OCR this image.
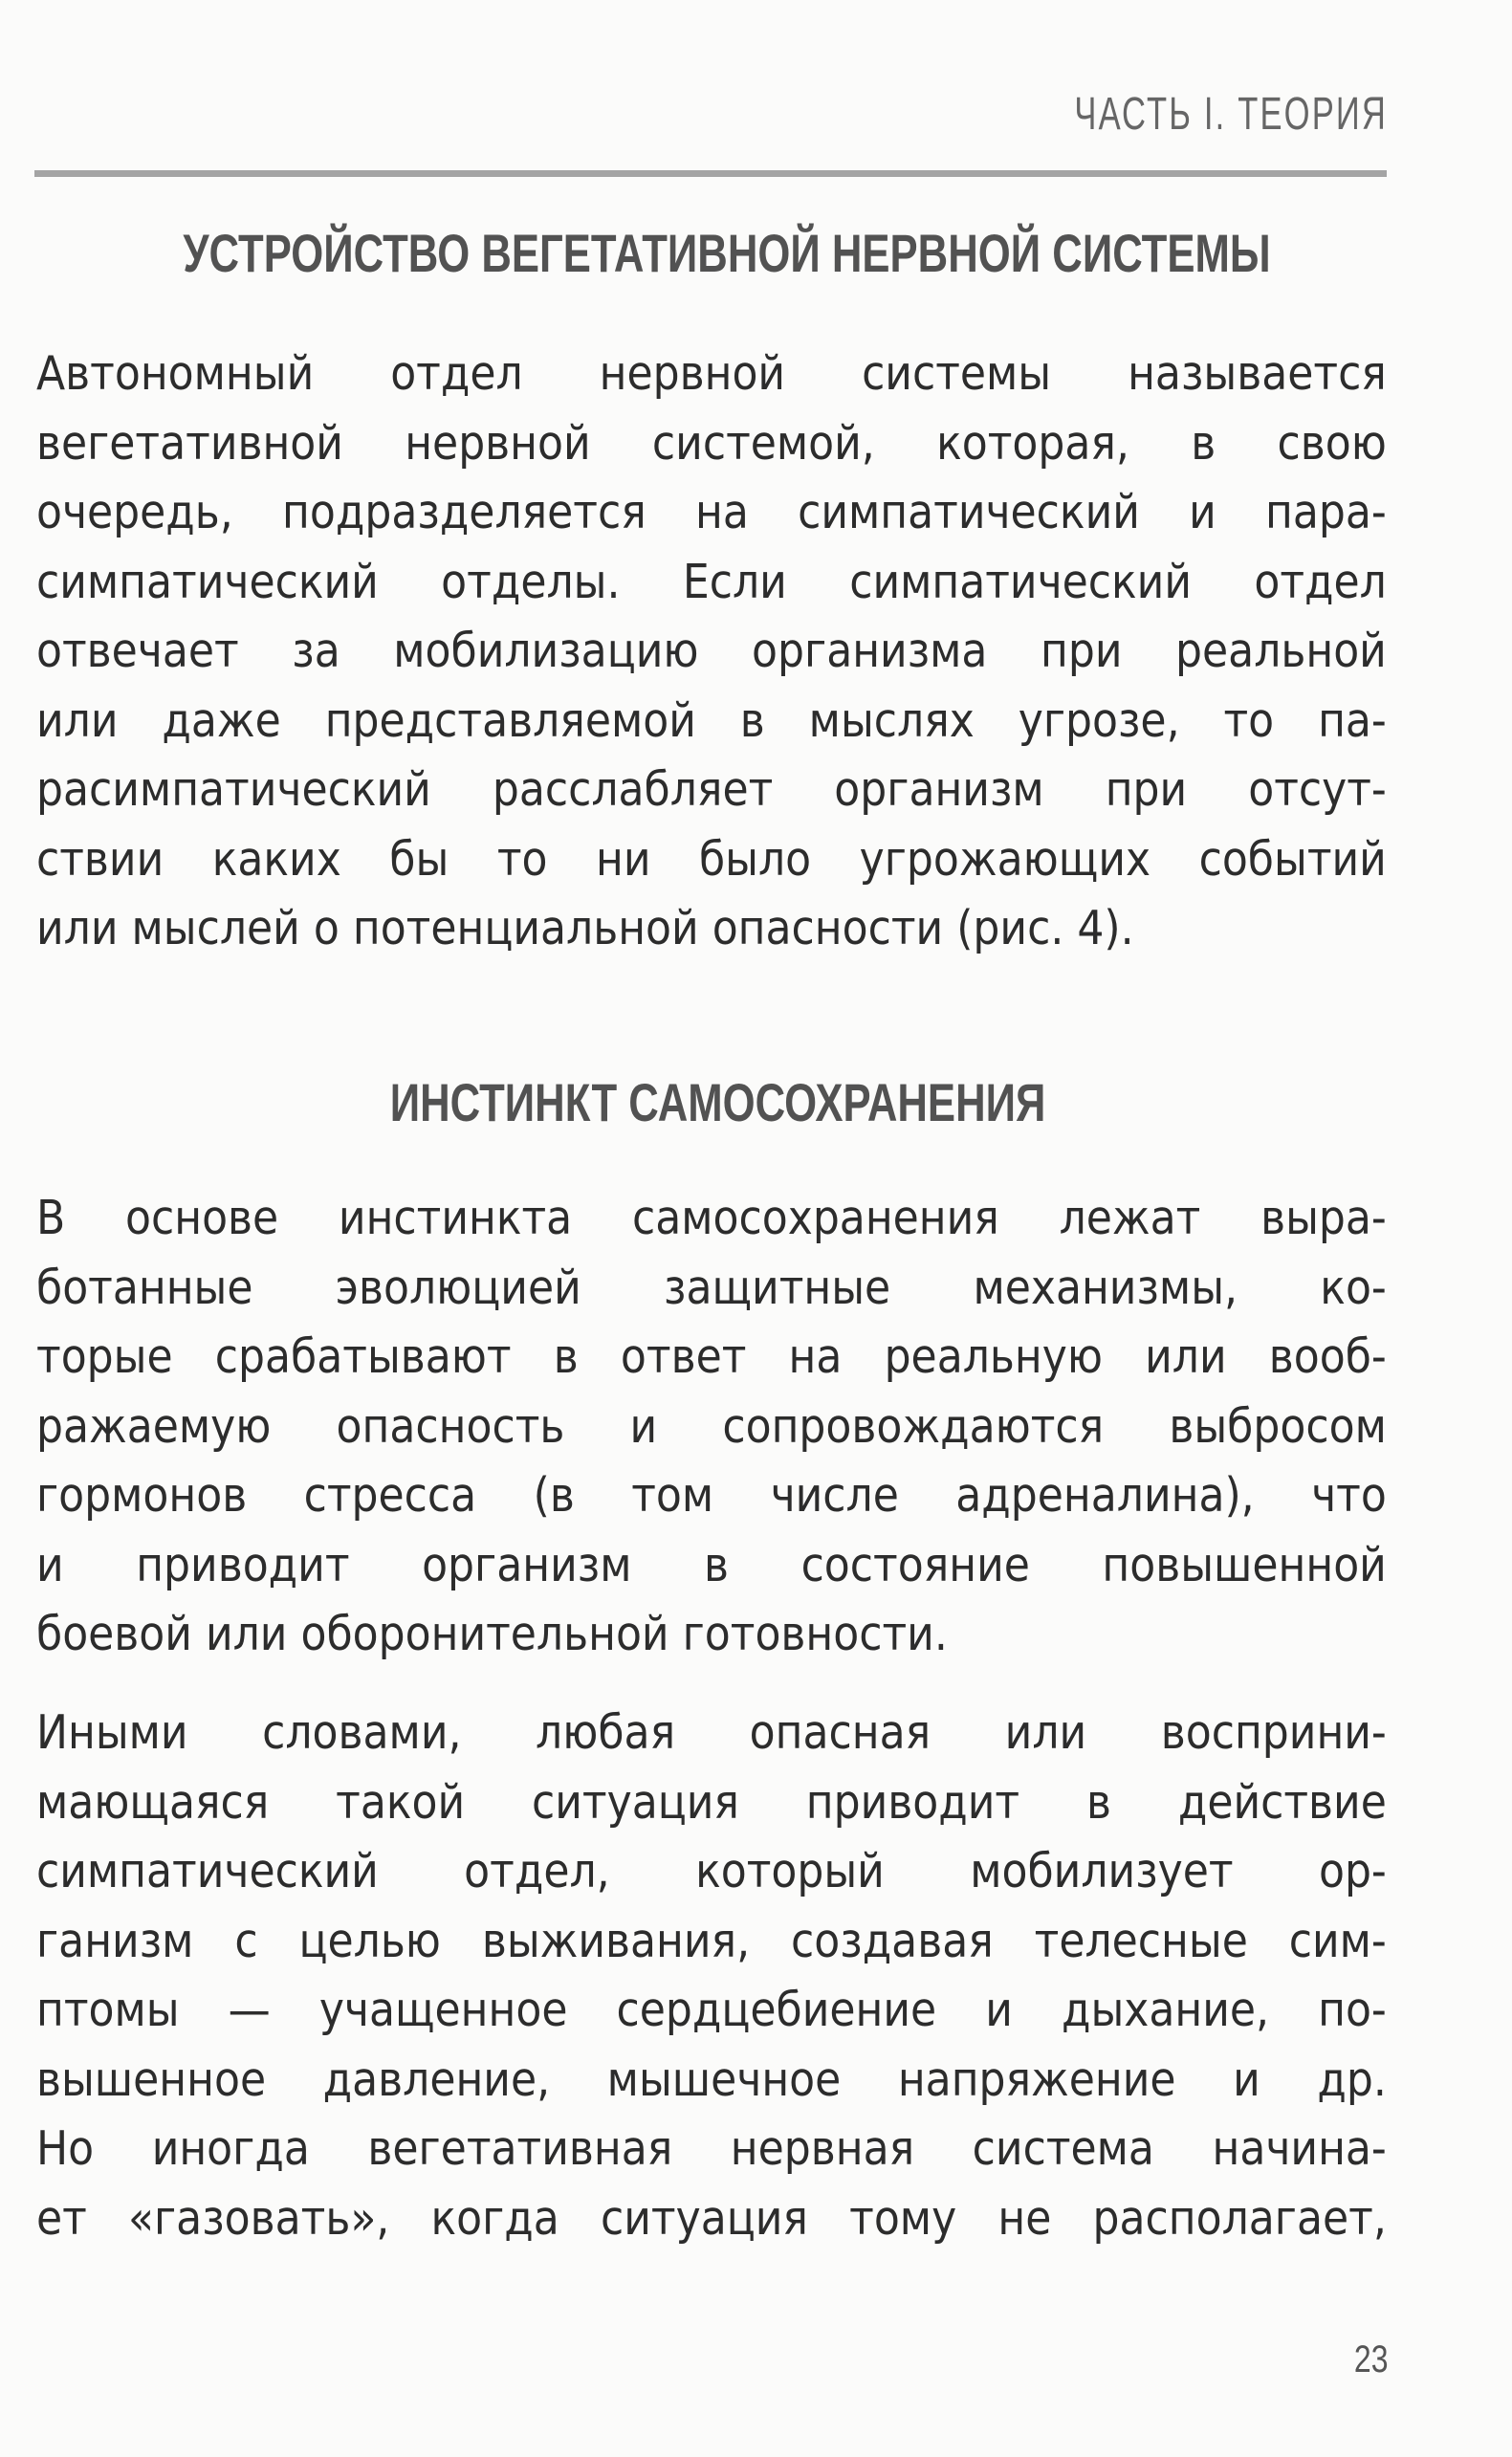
ЧАСТЬ I. ТЕОРИЯ
УСТРОЙСТВО ВЕГЕТАТИВНОЙ НЕРВНОЙ СИСТЕМЫ
Автономный отдел нервной системы называется
вегетативной нервной системой, которая, в свою
очередь, подразделяется на симпатический и пара-
симпатический отделы. Если симпатический отдел
отвечает за мобилизацию организма при реальной
или даже представляемой в мыслях угрозе, то па-
расимпатический расслабляет организм при отсут-
ствии каких бы то ни было угрожающих событий
или мыслей о потенциальной опасности (рис. 4).
ИНСТИНКТ САМОСОХРАНЕНИЯ
В основе инстинкта самосохранения лежат выра-
ботанные эволюцией защитные механизмы, ко-
торые срабатывают в ответ на реальную или вооб-
ражаемую опасность и сопровождаются выбросом
гормонов стресса (в том числе адреналина), что
и приводит организм в состояние повышенной
боевой или оборонительной готовности.
Иными словами, любая опасная или восприни-
мающаяся такой ситуация приводит в действие
симпатический отдел, который мобилизует ор-
ганизм с целью выживания, создавая телесные сим-
птомы — учащенное сердцебиение и дыхание, по-
вышенное давление, мышечное напряжение и др.
Но иногда вегетативная нервная система начина-
ет «газовать», когда ситуация тому не располагает,
23
